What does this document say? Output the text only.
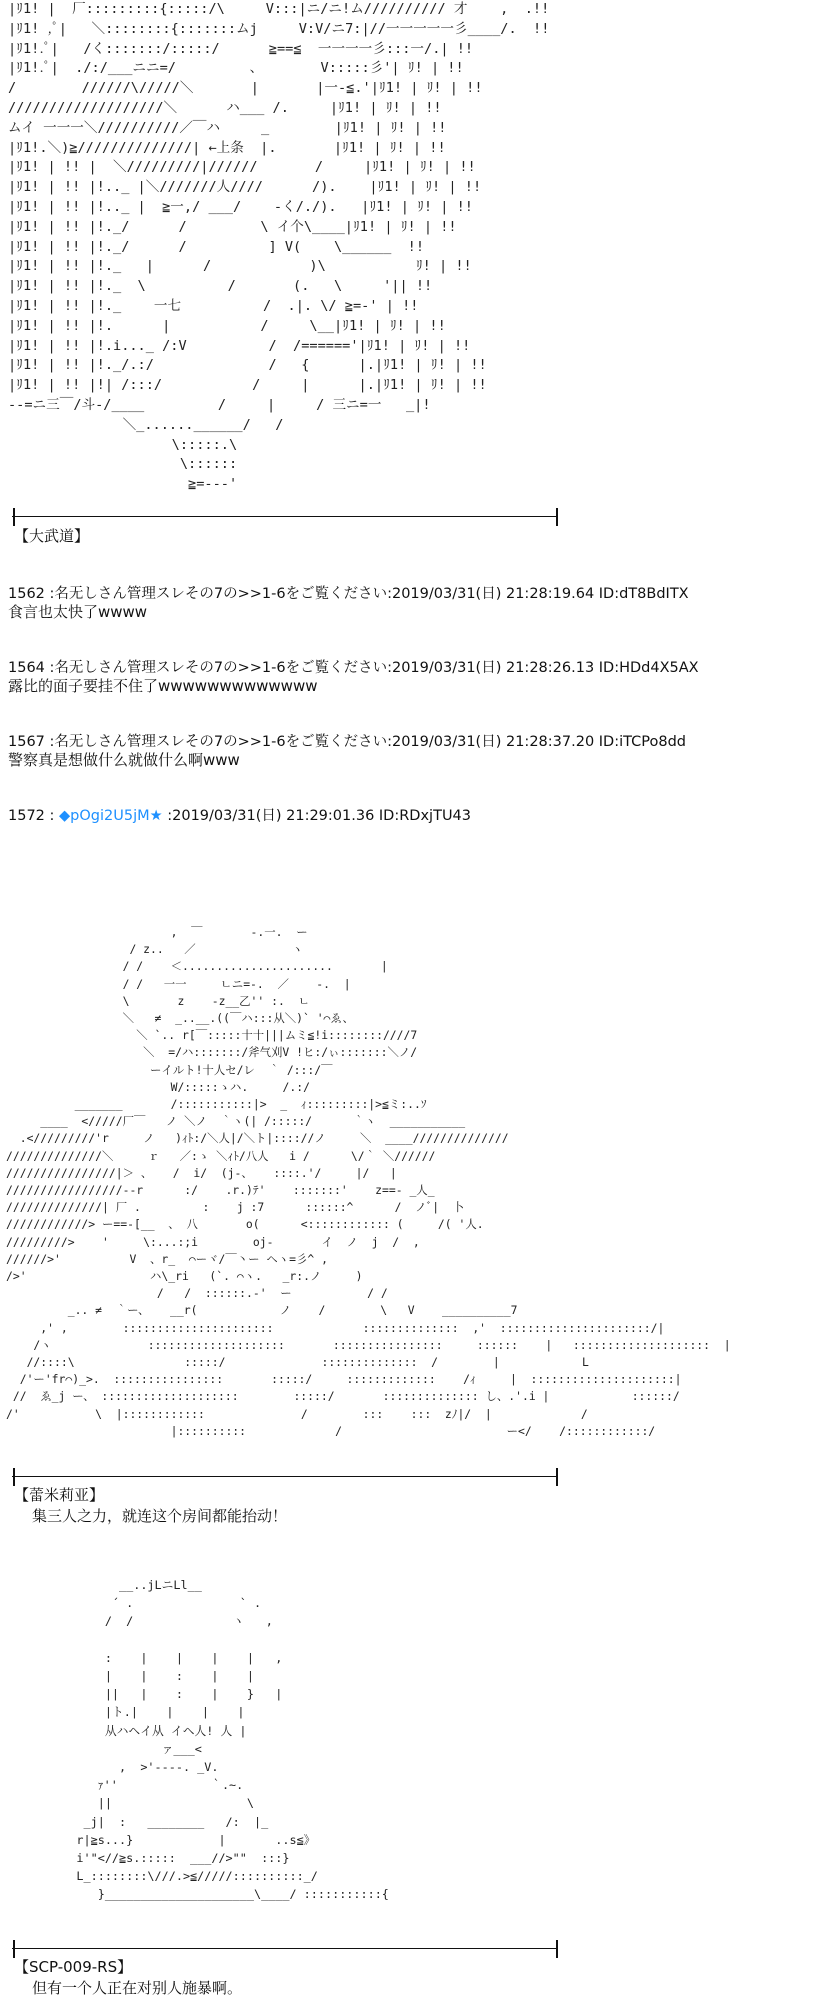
|ﾘ1! |  厂:::::::::{:::::/\     V:::|ニ/ニ!ム////////// 才    ,  .!!
|ﾘ1! ,ﾟ|   ＼::::::::{:::::::ムj     V:V/ニ7:|//一一一一一彡____/.  !!
|ﾘ1!.ﾟ|   /く:::::::/:::::/      ≧==≦  一一一一彡:::一/.| !!
|ﾘ1!.ﾟ|  ./:/___ニニ=/         、       V:::::彡'| ﾘ! | !!
/        //////\/////＼       |       |一-≦.'|ﾘ1! | ﾘ! | !!
///////////////////＼      ハ___ /.     |ﾘ1! | ﾘ! | !!
ムイ 一一一＼//////////／￣ハ     _        |ﾘ1! | ﾘ! | !!
|ﾘ1!.＼)≧//////////////| ←上条  |.       |ﾘ1! | ﾘ! | !!
|ﾘ1! | !! |  ＼/////////|//////       /     |ﾘ1! | ﾘ! | !!
|ﾘ1! | !! |!.._ |＼///////人////      /).    |ﾘ1! | ﾘ! | !!
|ﾘ1! | !! |!.._ |  ≧一,/ ___/    -く/./).   |ﾘ1! | ﾘ! | !!
|ﾘ1! | !! |!._/      /         \ イ个\____|ﾘ1! | ﾘ! | !!
|ﾘ1! | !! |!._/      /          ] V(    \______  !!
|ﾘ1! | !! |!._   |      /            )\           ﾘ! | !!
|ﾘ1! | !! |!._  \          /       (.   \     '|| !!
|ﾘ1! | !! |!._    一七          /  .|. \/ ≧=-' | !!
|ﾘ1! | !! |!.      |           /     \__|ﾘ1! | ﾘ! | !!
|ﾘ1! | !! |!.i..._ /:V          /  /======'|ﾘ1! | ﾘ! | !!
|ﾘ1! | !! |!._/.:/              /   {      |.|ﾘ1! | ﾘ! | !!
|ﾘ1! | !! |!| /:::/           /     |      |.|ﾘ1! | ﾘ! | !!
--=ニ三￣/斗-/____         /     |     / 三ニ=一   _|!
＼_......______/   /
\:::::.\
\::::::
≧=---'
【大武道】
1562 :名无しさん管理スレその7の>>1-6をご覧ください:2019/03/31(日) 21:28:19.64 ID:dT8BdITX
食言也太快了wwww
1564 :名无しさん管理スレその7の>>1-6をご覧ください:2019/03/31(日) 21:28:26.13 ID:HDd4X5AX
露比的面子要挂不住了wwwwwwwwwwwww
1567 :名无しさん管理スレその7の>>1-6をご覧ください:2019/03/31(日) 21:28:37.20 ID:iTCPo8dd
警察真是想做什么就做什么啊www
1572 : ◆pOgi2U5jM★ :2019/03/31(日) 21:29:01.36 ID:RDxjTU43
,  ￣       -.一.  ー
/ z..   ／              ヽ
/ /    ＜......................       |
/ /   一一     ㄴニ=-.  ／    -.  |
\       z    -z__乙'' :.  ㄴ
＼   ≠  _..__.((￣ハ:::从＼)` '⌒ゑ、
＼ `.. r[￣:::::十十|||ムミ≦!i::::::::////7
＼  =/ハ:::::::/斧气刈V !ヒ:/ぃ:::::::＼ノ/
ーイルト!十人セ/レ  ｀ /:::/￣
W/:::::ゝハ.     /.:/
_______       /:::::::::::|>  _  ｨ:::::::::|>≦ミ:..ｿ
____  </////厂￣   ノ ＼ノ  ｀ヽ(| /:::::/      ｀ヽ  ___________
.</////////'r     ノ   )ｨﾄ:/＼人|/＼ト|:::://ノ     ＼  ____//////////////
//////////////＼     ｒ   ／:ゝ ＼ｨﾄ/八人   i /      \/｀ ＼//////
////////////////|＞ 、   /  i/  (j-、   ::::.'/     |/   |
/////////////////--r      :/    .r.)ﾃ'    :::::::'    z==- _人_
//////////////| 厂 .         :    j :7      ::::::^      /  ノﾞ|  卜
////////////> ー==-[__  、 八       o(      <:::::::::::: (     /( '人.
/////////>    '     \:...:;i        oj-       イ  ノ  j  /  ,
//////>'          V  、r_  ⌒ーヾ/￣丶ー ヘヽ=彡^ ,
/>'                  ハ\_ri   (`. ⌒ヽ.   _r:.ノ     )
/   /  ::::::.-'  ー           / /
_.. ≠  ｀ー、   __r(            ノ    /        \   V    __________7
,' ,        ::::::::::::::::::::::             ::::::::::::::  ,'  ::::::::::::::::::::::/|
/ヽ              ::::::::::::::::::::       ::::::::::::::::     ::::::    |   ::::::::::::::::::::  |
//::::\                :::::/              ::::::::::::::  /        |            L
/'ー'fr⌒)_>.  ::::::::::::::::       :::::/     :::::::::::::    /ｨ     |  :::::::::::::::::::::|
//  ゑ_j ー、 ::::::::::::::::::::        :::::/       :::::::::::::: し、.'.i |            ::::::/
/'           \  |::::::::::::              /        :::    :::  zﾉ|/  |             /
|::::::::::             /                        ー</    /::::::::::::/
【蕾米莉亚】
集三人之力，就连这个房间都能抬动！
__..jLニLl__
´ .               ` .
/  /              ヽ   ,

:    |    |    |    |   ,
|    |    :    |    |
||   |    :    |    }   |
|ト.|    |    |    |
从ハヘイ从 イヘ人! 人 |
ァ___<
,  >'----. _V.
ｧ''             ｀.~.
||                   \
_j|  :   ________   /:  |_
r|≧s...}            |       ..s≦》
i'"<//≧s.:::::  ___//>""  :::}
L_::::::::\///.>≦/////::::::::::_/
}_____________________\____/ :::::::::::{
【SCP-009-RS】
但有一个人正在对别人施暴啊。
